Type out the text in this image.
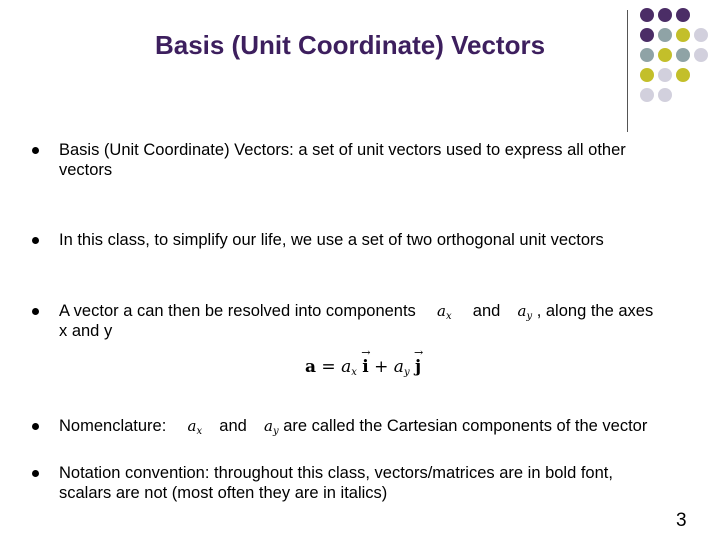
Basis (Unit Coordinate) Vectors
Basis (Unit Coordinate) Vectors: a set of unit vectors used to express all other
vectors
In this class, to simplify our life, we use a set of two orthogonal unit vectors
A vector a can then be resolved into components $a_x$ and $a_y$ , along the axes
x and y
$a = a_x \to i + a_y \to j$
Nomenclature: $a_x$ and $a_y$ are called the Cartesian components of the vector
Notation convention: throughout this class, vectors/matrices are in bold font,
scalars are not (most often they are in italics)
3
